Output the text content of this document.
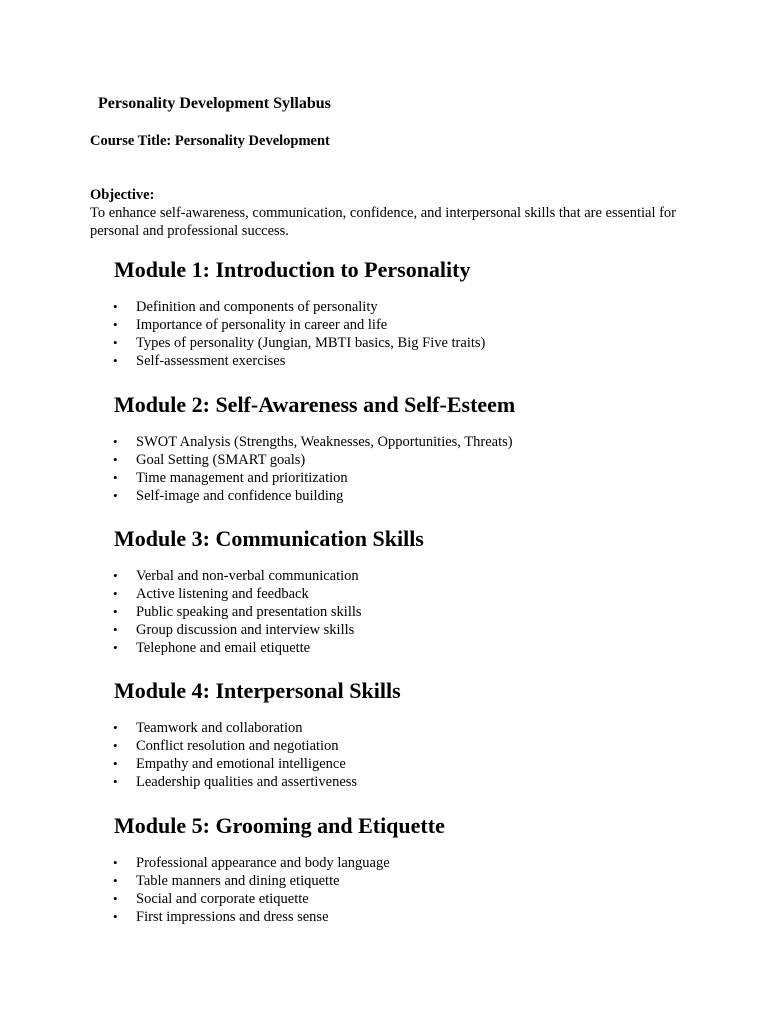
Personality Development Syllabus
Course Title: Personality Development
Objective:
To enhance self-awareness, communication, confidence, and interpersonal skills that are essential for personal and professional success.
Module 1: Introduction to Personality
• Definition and components of personality
• Importance of personality in career and life
• Types of personality (Jungian, MBTI basics, Big Five traits)
• Self-assessment exercises
Module 2: Self-Awareness and Self-Esteem
• SWOT Analysis (Strengths, Weaknesses, Opportunities, Threats)
• Goal Setting (SMART goals)
• Time management and prioritization
• Self-image and confidence building
Module 3: Communication Skills
• Verbal and non-verbal communication
• Active listening and feedback
• Public speaking and presentation skills
• Group discussion and interview skills
• Telephone and email etiquette
Module 4: Interpersonal Skills
• Teamwork and collaboration
• Conflict resolution and negotiation
• Empathy and emotional intelligence
• Leadership qualities and assertiveness
Module 5: Grooming and Etiquette
• Professional appearance and body language
• Table manners and dining etiquette
• Social and corporate etiquette
• First impressions and dress sense
